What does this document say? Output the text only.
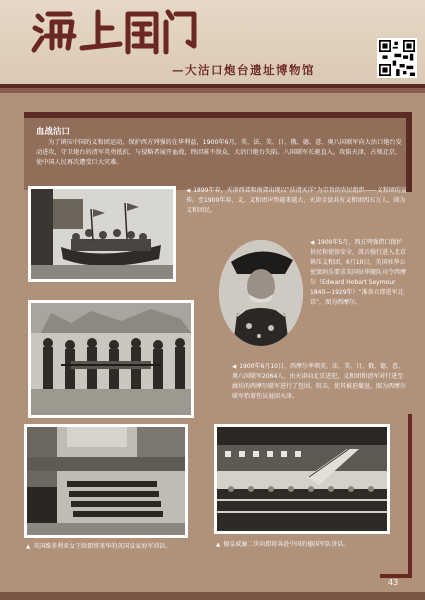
—大沽口炮台遗址博物馆
血战沽口
为了镇压中国的义和团运动，保护西方列强的在华利益，1900年6月，英、法、美、日、俄、德、意、奥八国联军向大沽口炮台发动进攻，守卫炮台的清军英勇抵抗，与侵略者展开血战，终因寡不敌众，大沽口炮台失陷。八国联军长驱直入，攻陷天津，占领北京，使中国人民再次遭受巨大灾难。
◀ 1899年春，天津西郊和南郊出现以“扶清灭洋”为宗旨的农民组织——义和团的宣传。至1900年春，义、义和团声势越来越大，天津全县共有义和团四五万人，围为义和团民。
◀ 1900年5月，西方列强借口保护侨民和使馆安全，派兵强行进入北京镇压义和团，6月10日，英国驻华公使窦纳乐要求英国驻华舰队司令西摩尔（Edward Hobart Seymour 1840—1929年）“准备立即进军北京”，图为西摩尔。
◀ 1900年6月10日，西摩尔率领英、法、美、日、俄、德、意、奥八国联军2064人，由天津向北京进犯，义和团和清军对行进至廊坊的西摩尔联军进行了包围、阻击，使其被迫撤退，图为西摩尔联军抬着伤员退回天津。
▲ 英国维多利亚女王给即将来华的英国皇家海军训话。	▲ 德皇威廉二世向即将奔赴中国的德国军队讲话。
43
